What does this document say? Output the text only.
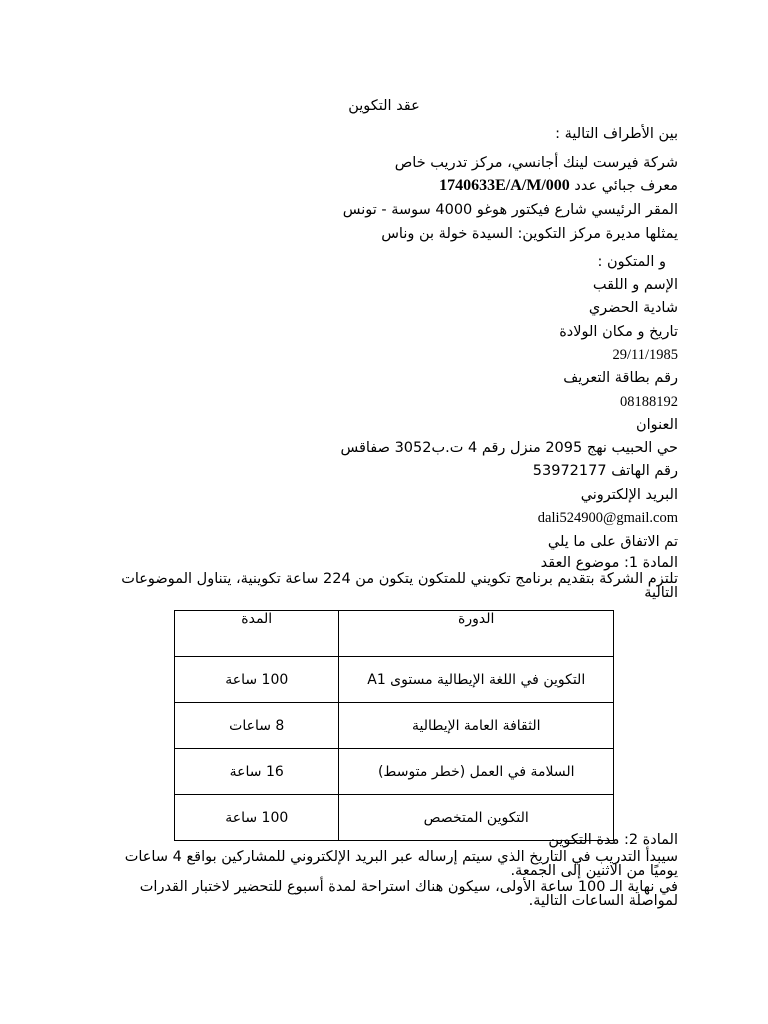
عقد التكوين
بين الأطراف التالية :
شركة فيرست لينك أجانسي، مركز تدريب خاص
معرف جبائي عدد 1740633E/A/M/000
المقر الرئيسي شارع فيكتور هوغو 4000 سوسة - تونس
يمثلها مديرة مركز التكوين: السيدة خولة بن وناس
و المتكون :
الإسم و اللقب
شادية الحضري
تاريخ و مكان الولادة
29/11/1985
رقم بطاقة التعريف
08188192
العنوان
حي الحبيب نهج 2095 منزل رقم 4 ت.ب3052 صفاقس
رقم الهاتف 53972177
البريد الإلكتروني
dali524900@gmail.com
تم الاتفاق على ما يلي
المادة 1: موضوع العقد
تلتزم الشركة بتقديم برنامج تكويني للمتكون يتكون من 224 ساعة تكوينية، يتناول الموضوعات التالية
الدورة	المدة
التكوين في اللغة الإيطالية مستوى A1	100 ساعة
الثقافة العامة الإيطالية	8 ساعات
السلامة في العمل (خطر متوسط)	16 ساعة
التكوين المتخصص	100 ساعة
المادة 2: مدة التكوين
سيبدأ التدريب في التاريخ الذي سيتم إرساله عبر البريد الإلكتروني للمشاركين بواقع 4 ساعات يوميًا من الاثنين إلى الجمعة.
في نهاية الـ 100 ساعة الأولى، سيكون هناك استراحة لمدة أسبوع للتحضير لاختبار القدرات لمواصلة الساعات التالية.
